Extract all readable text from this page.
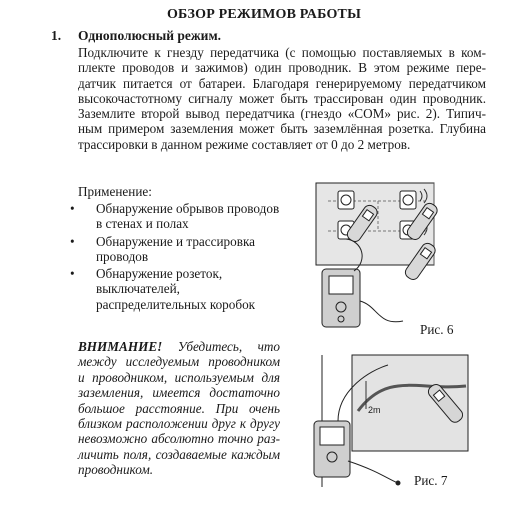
ОБЗОР РЕЖИМОВ РАБОТЫ
1. Однополюсный режим.
Подключите к гнезду передатчика (с помощью поставляемых в ком-
плекте проводов и зажимов) один проводник. В этом режиме пере-
датчик питается от батареи. Благодаря генерируемому передатчиком
высокочастотному сигналу может быть трассирован один проводник.
Заземлите второй вывод передатчика (гнездо «COM» рис. 2). Типич-
ным примером заземления может быть заземлённая розетка. Глубина
трассировки в данном режиме составляет от 0 до 2 метров.
Применение:
• Обнаружение обрывов проводов
в стенах и полах
• Обнаружение и трассировка
проводов
• Обнаружение розеток,
выключателей,
распределительных коробок
ВНИМАНИЕ! Убедитесь, что
между исследуемым проводником
и проводником, используемым для
заземления, имеется достаточно
большое расстояние. При очень
близком расположении друг к другу
невозможно абсолютно точно раз-
личить поля, создаваемые каждым
проводником.
Рис. 6
2m
Рис. 7
